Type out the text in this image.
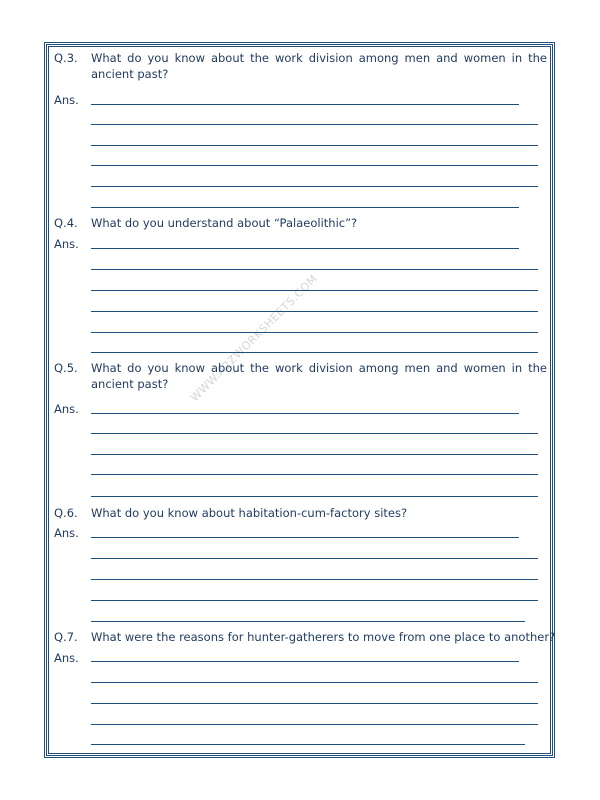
WWW.A2ZWORKSHEETS.COM
Q.3. What do you know about the work division among men and women in the ancient past?
Ans.
Q.4. What do you understand about “Palaeolithic”?
Ans.
Q.5. What do you know about the work division among men and women in the ancient past?
Ans.
Q.6. What do you know about habitation-cum-factory sites?
Ans.
Q.7. What were the reasons for hunter-gatherers to move from one place to another?
Ans.
